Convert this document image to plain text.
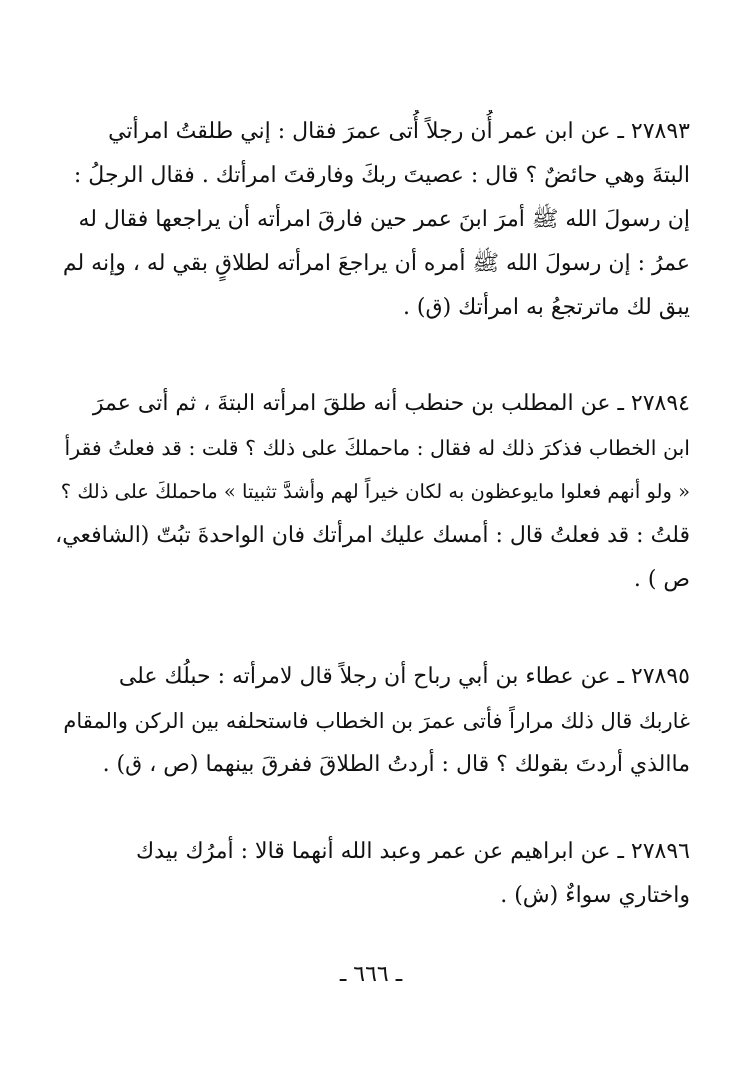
٢٧٨٩٣ ـ عن ابن عمر أُن رجلاً أُتى عمرَ فقال : إني طلقتُ امرأتي
البتةَ وهي حائضٌ ؟ قال : عصيتَ ربكَ وفارقتَ امرأتك . فقال الرجلُ :
إن رسولَ الله ﷺ أمرَ ابنَ عمر حين فارقَ امرأته أن يراجعها فقال له
عمرُ : إن رسولَ الله ﷺ أمره أن يراجعَ امرأته لطلاقٍ بقي له ، وإنه لم
يبق لك ماترتجعُ به امرأتك (ق) .
٢٧٨٩٤ ـ عن المطلب بن حنطب أنه طلقَ امرأته البتةَ ، ثم أتى عمرَ
ابن الخطاب فذكرَ ذلك له فقال : ماحملكَ على ذلك ؟ قلت : قد فعلتُ فقرأ
« ولو أنهم فعلوا مايوعظون به لكان خيراً لهم وأشدَّ تثبيتا » ماحملكَ على ذلك ؟
قلتُ : قد فعلتُ قال : أمسك عليك امرأتك فان الواحدةَ تبُتّ (الشافعي،
ص ) .
٢٧٨٩٥ ـ عن عطاء بن أبي رباح أن رجلاً قال لامرأته : حبلُك على
غاربك قال ذلك مراراً فأتى عمرَ بن الخطاب فاستحلفه بين الركن والمقام
ماالذي أردتَ بقولك ؟ قال : أردتُ الطلاقَ ففرقَ بينهما (ص ، ق) .
٢٧٨٩٦ ـ عن ابراهيم عن عمر وعبد الله أنهما قالا : أمرُك بيدك
واختاري سواءٌ (ش) .
ـ ٦٦٦ ـ
